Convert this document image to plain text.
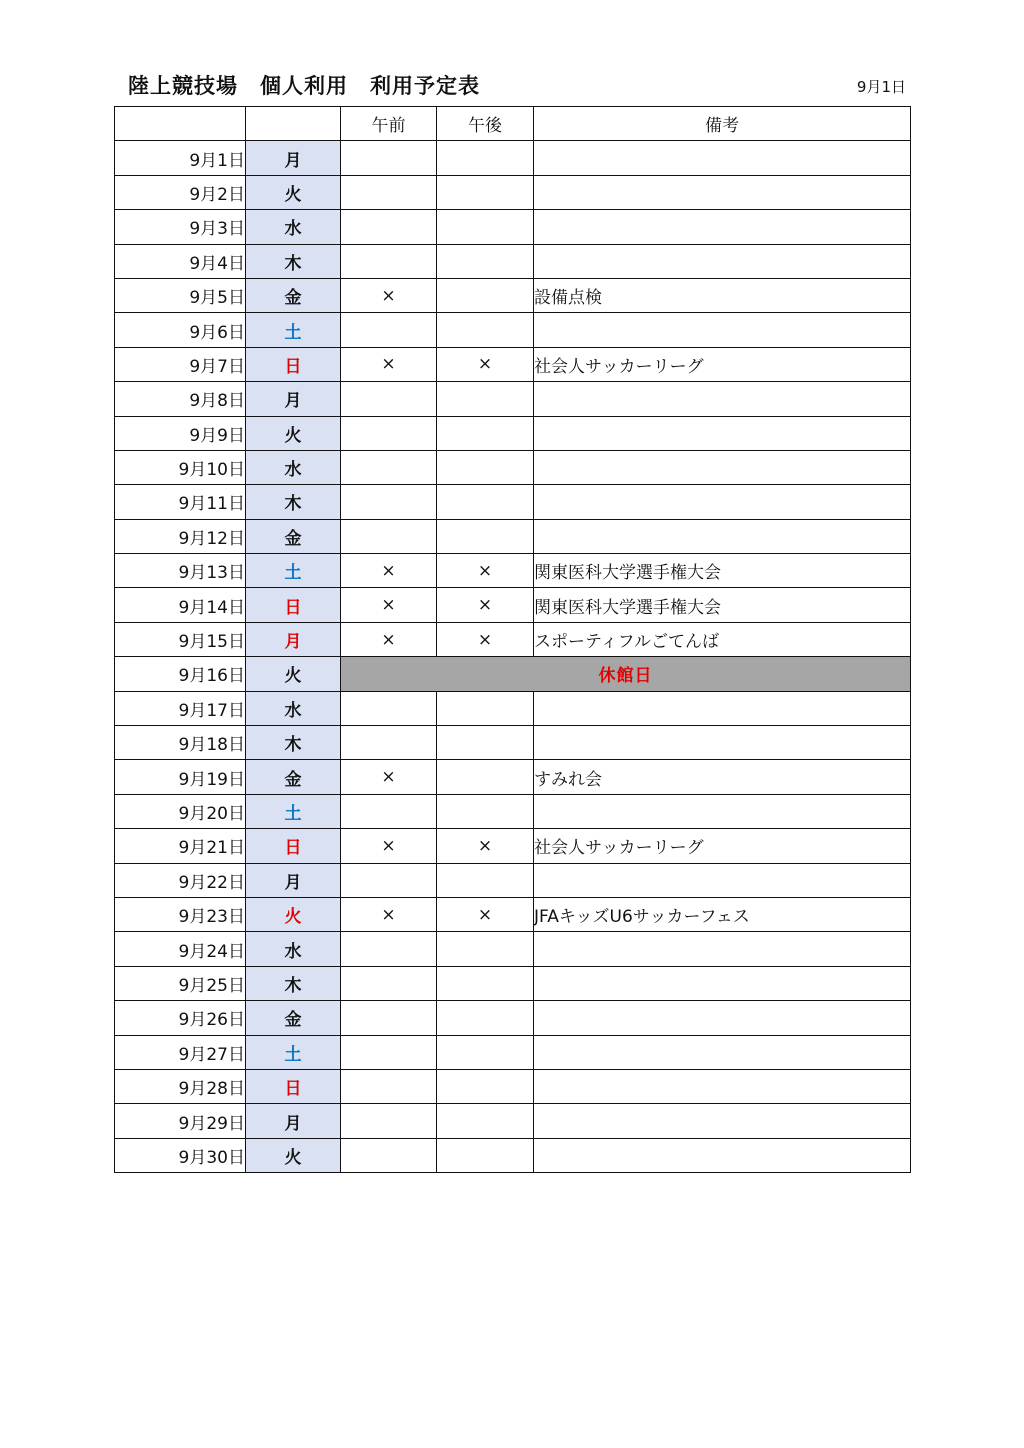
陸上競技場　個人利用　利用予定表	9月1日
		午前	午後	備考
9月1日	月			
9月2日	火			
9月3日	水			
9月4日	木			
9月5日	金	×		設備点検
9月6日	土			
9月7日	日	×	×	社会人サッカーリーグ
9月8日	月			
9月9日	火			
9月10日	水			
9月11日	木			
9月12日	金			
9月13日	土	×	×	関東医科大学選手権大会
9月14日	日	×	×	関東医科大学選手権大会
9月15日	月	×	×	スポーティフルごてんば
9月16日	火	休館日		
9月17日	水			
9月18日	木			
9月19日	金	×		すみれ会
9月20日	土			
9月21日	日	×	×	社会人サッカーリーグ
9月22日	月			
9月23日	火	×	×	JFAキッズU6サッカーフェス
9月24日	水			
9月25日	木			
9月26日	金			
9月27日	土			
9月28日	日			
9月29日	月			
9月30日	火			
